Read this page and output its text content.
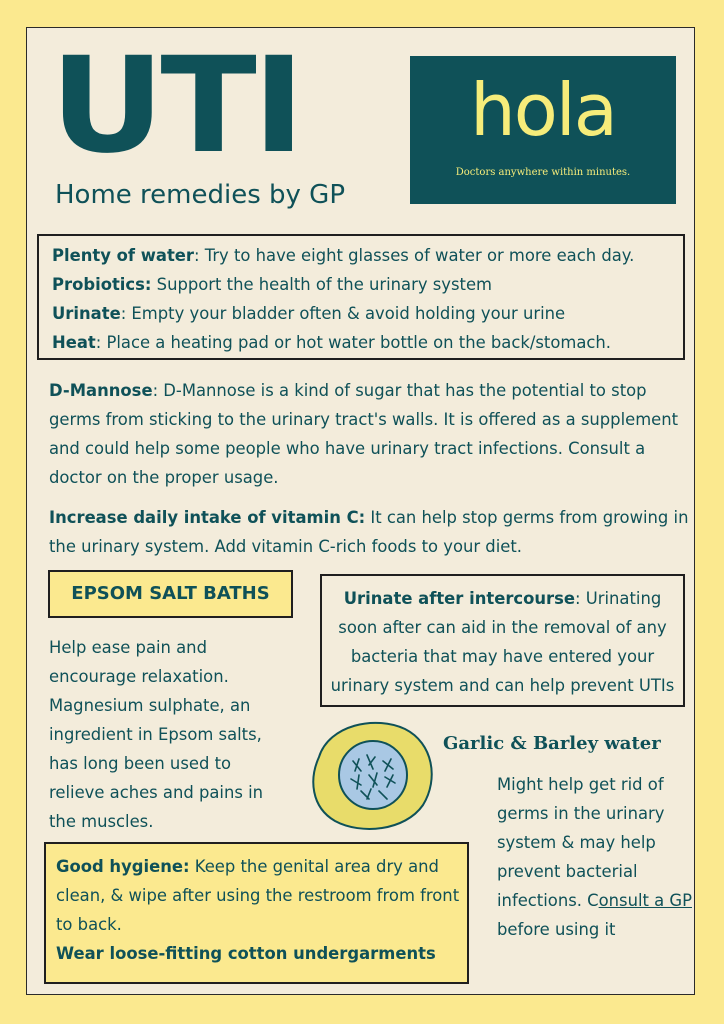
UTI
Home remedies by GP
hola
Doctors anywhere within minutes.

Plenty of water: Try to have eight glasses of water or more each day.

Probiotics: Support the health of the urinary system

Urinate: Empty your bladder often & avoid holding your urine

Heat: Place a heating pad or hot water bottle on the back/stomach.

D-Mannose: D-Mannose is a kind of sugar that has the potential to stop germs from sticking to the urinary tract's walls. It is offered as a supplement and could help some people who have urinary tract infections. Consult a doctor on the proper usage.

Increase daily intake of vitamin C: It can help stop germs from growing in the urinary system. Add vitamin C-rich foods to your diet.

EPSOM SALT BATHS

Help ease pain and encourage relaxation. Magnesium sulphate, an ingredient in Epsom salts, has long been used to relieve aches and pains in the muscles.

Urinate after intercourse: Urinating soon after can aid in the removal of any bacteria that may have entered your urinary system and can help prevent UTIs

Garlic & Barley water

Might help get rid of germs in the urinary system & may help prevent bacterial infections. Consult a GP before using it

Good hygiene: Keep the genital area dry and clean, & wipe after using the restroom from front to back.

Wear loose-fitting cotton undergarments
